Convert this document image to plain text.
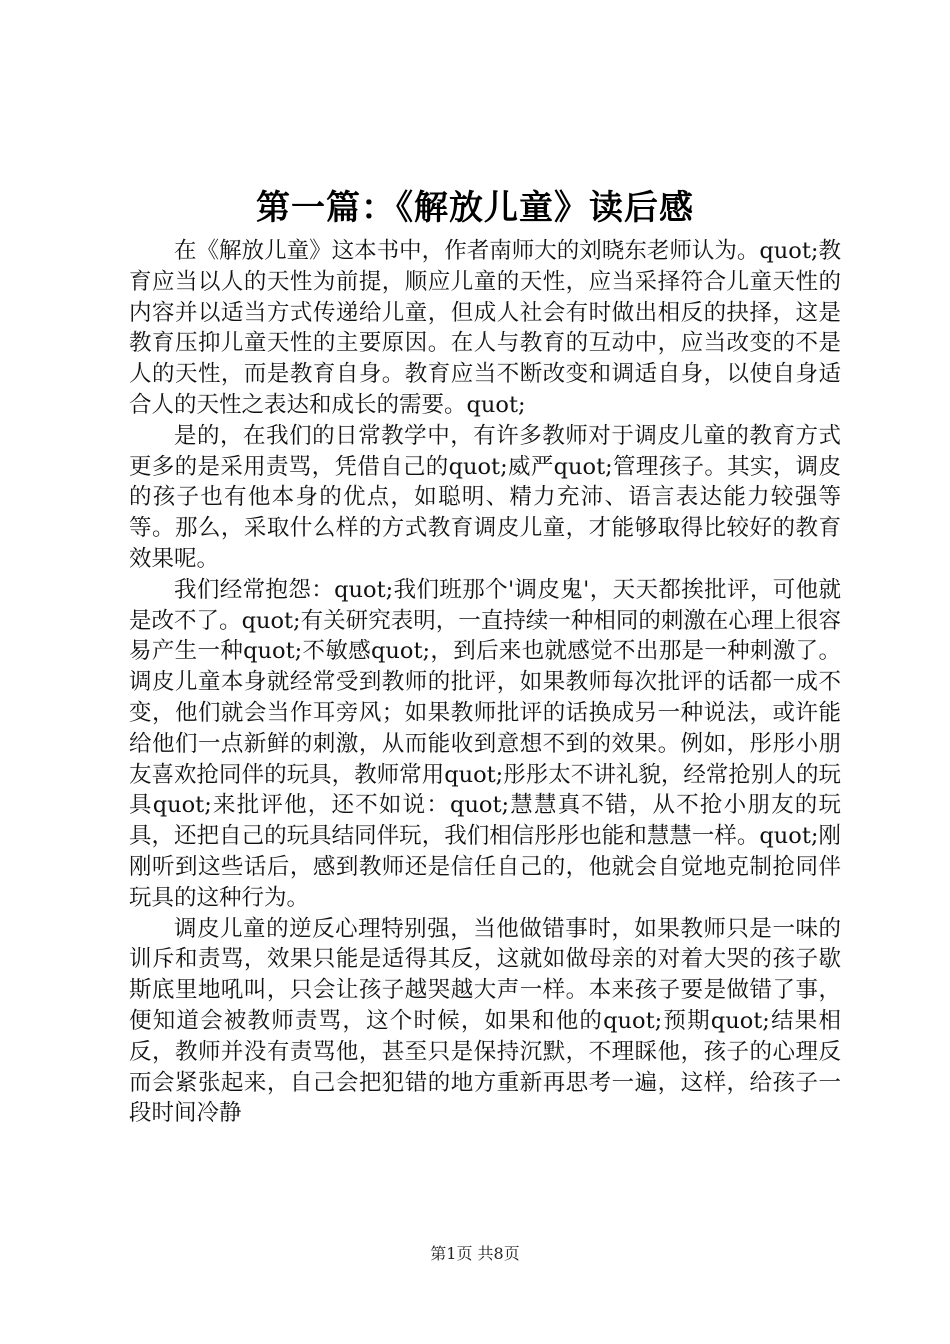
第一篇：《解放儿童》读后感

在《解放儿童》这本书中，作者南师大的刘晓东老师认为。quot;教育应当以人的天性为前提，顺应儿童的天性，应当采择符合儿童天性的内容并以适当方式传递给儿童，但成人社会有时做出相反的抉择，这是教育压抑儿童天性的主要原因。在人与教育的互动中，应当改变的不是人的天性，而是教育自身。教育应当不断改变和调适自身，以使自身适合人的天性之表达和成长的需要。quot;

是的，在我们的日常教学中，有许多教师对于调皮儿童的教育方式更多的是采用责骂，凭借自己的quot;威严quot;管理孩子。其实，调皮的孩子也有他本身的优点，如聪明、精力充沛、语言表达能力较强等等。那么，采取什么样的方式教育调皮儿童，才能够取得比较好的教育效果呢。

我们经常抱怨：quot;我们班那个'调皮鬼'，天天都挨批评，可他就是改不了。quot;有关研究表明，一直持续一种相同的刺激在心理上很容易产生一种quot;不敏感quot;，到后来也就感觉不出那是一种刺激了。调皮儿童本身就经常受到教师的批评，如果教师每次批评的话都一成不变，他们就会当作耳旁风；如果教师批评的话换成另一种说法，或许能给他们一点新鲜的刺激，从而能收到意想不到的效果。例如，彤彤小朋友喜欢抢同伴的玩具，教师常用quot;彤彤太不讲礼貌，经常抢别人的玩具quot;来批评他，还不如说：quot;慧慧真不错，从不抢小朋友的玩具，还把自己的玩具结同伴玩，我们相信彤彤也能和慧慧一样。quot;刚刚听到这些话后，感到教师还是信任自己的，他就会自觉地克制抢同伴玩具的这种行为。

调皮儿童的逆反心理特别强，当他做错事时，如果教师只是一味的训斥和责骂，效果只能是适得其反，这就如做母亲的对着大哭的孩子歇斯底里地吼叫，只会让孩子越哭越大声一样。本来孩子要是做错了事，便知道会被教师责骂，这个时候，如果和他的quot;预期quot;结果相反，教师并没有责骂他，甚至只是保持沉默，不理睬他，孩子的心理反而会紧张起来，自己会把犯错的地方重新再思考一遍，这样，给孩子一段时间冷静

第1页 共8页
